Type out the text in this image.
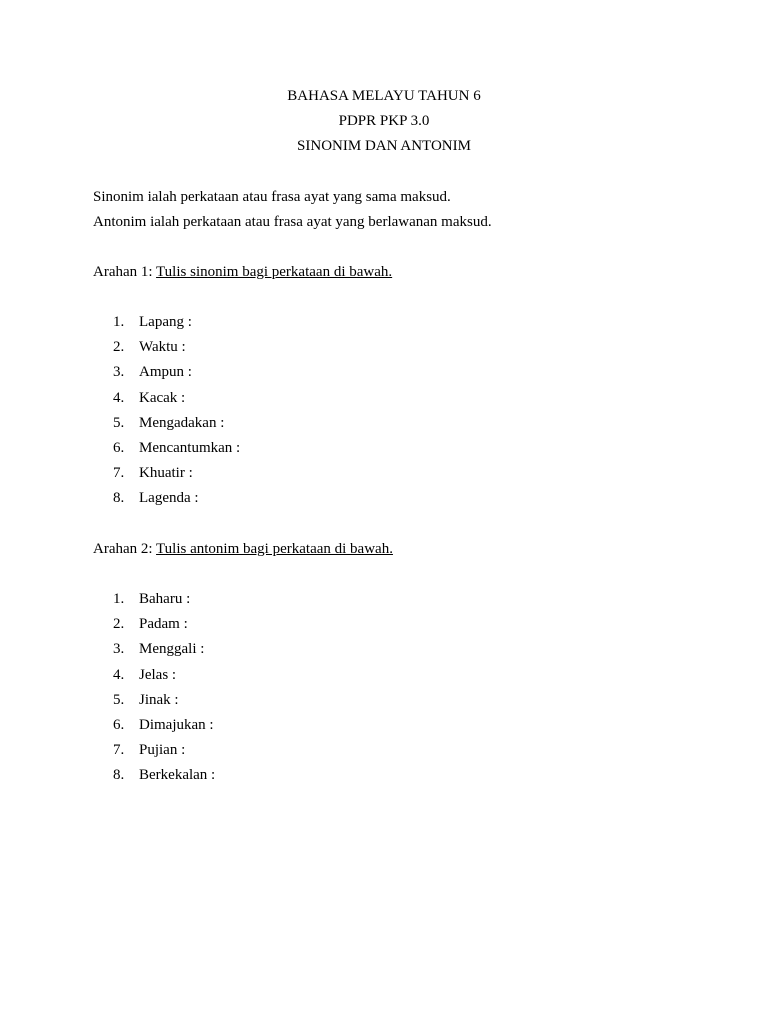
BAHASA MELAYU TAHUN 6
PDPR PKP 3.0
SINONIM DAN ANTONIM
Sinonim ialah perkataan atau frasa ayat yang sama maksud.
Antonim ialah perkataan atau frasa ayat yang berlawanan maksud.
Arahan 1: Tulis sinonim bagi perkataan di bawah.
1. Lapang :
2. Waktu :
3. Ampun :
4. Kacak :
5. Mengadakan :
6. Mencantumkan :
7. Khuatir :
8. Lagenda :
Arahan 2: Tulis antonim bagi perkataan di bawah.
1. Baharu :
2. Padam :
3. Menggali :
4. Jelas :
5. Jinak :
6. Dimajukan :
7. Pujian :
8. Berkekalan :
